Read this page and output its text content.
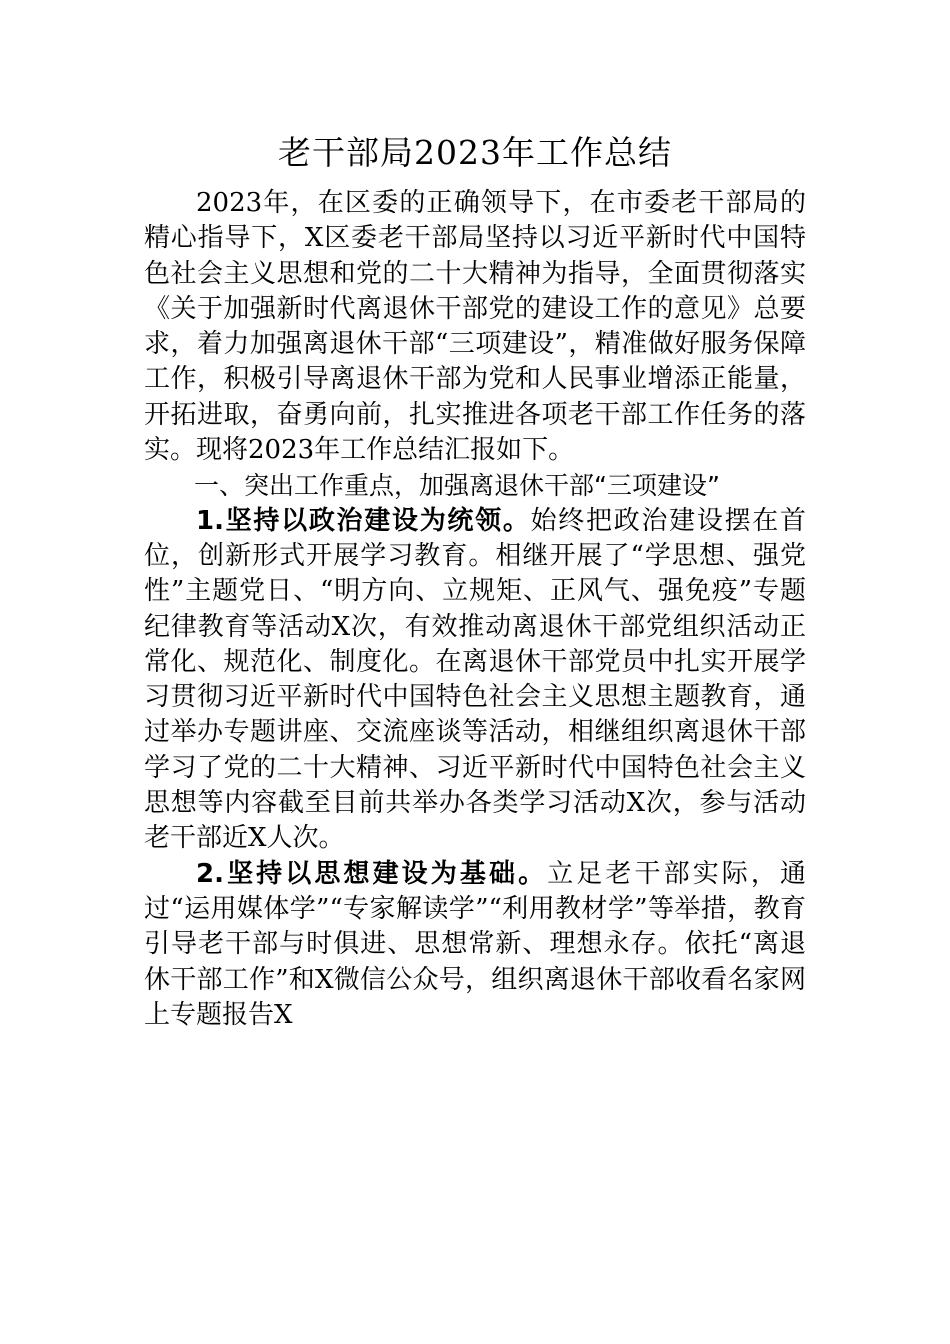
老干部局2023年工作总结

2023年，在区委的正确领导下，在市委老干部局的精心指导下，X区委老干部局坚持以习近平新时代中国特色社会主义思想和党的二十大精神为指导，全面贯彻落实《关于加强新时代离退休干部党的建设工作的意见》总要求，着力加强离退休干部“三项建设”，精准做好服务保障工作，积极引导离退休干部为党和人民事业增添正能量，开拓进取，奋勇向前，扎实推进各项老干部工作任务的落实。现将2023年工作总结汇报如下。

一、突出工作重点，加强离退休干部“三项建设”

1.坚持以政治建设为统领。始终把政治建设摆在首位，创新形式开展学习教育。相继开展了“学思想、强党性”主题党日、“明方向、立规矩、正风气、强免疫”专题纪律教育等活动X次，有效推动离退休干部党组织活动正常化、规范化、制度化。在离退休干部党员中扎实开展学习贯彻习近平新时代中国特色社会主义思想主题教育，通过举办专题讲座、交流座谈等活动，相继组织离退休干部学习了党的二十大精神、习近平新时代中国特色社会主义思想等内容截至目前共举办各类学习活动X次，参与活动老干部近X人次。

2.坚持以思想建设为基础。立足老干部实际，通过“运用媒体学”“专家解读学”“利用教材学”等举措，教育引导老干部与时俱进、思想常新、理想永存。依托“离退休干部工作”和X微信公众号，组织离退休干部收看名家网上专题报告X
